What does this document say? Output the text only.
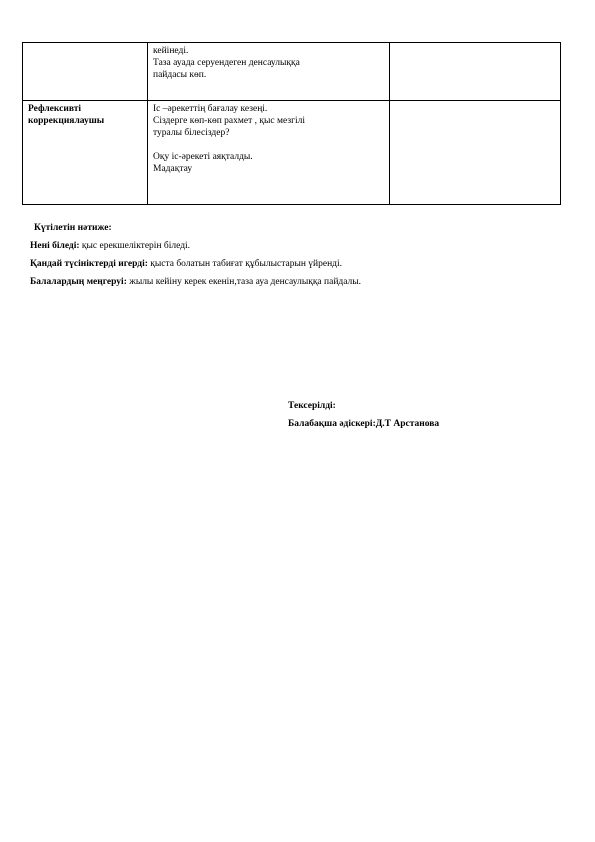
	кейінеді.
Таза ауада серуендеген денсаулыққа
пайдасы көп.	

Рефлексивті
коррекциялаушы	Іс –әрекеттің бағалау кезеңі.
Сіздерге көп-көп рахмет , қыс мезгілі
туралы білесіздер?
Оқу іс-әрекеті аяқталды.
Мадақтау	

Күтілетін нәтиже:
Нені біледі: қыс ерекшеліктерін біледі.
Қандай түсініктерді игерді: қыста болатын табиғат құбылыстарын үйренді.
Балалардың меңгеруі: жылы кейіну керек екенін,таза ауа денсаулыққа пайдалы.
Тексерілді:
Балабақша әдіскері:Д.Т Арстанова
